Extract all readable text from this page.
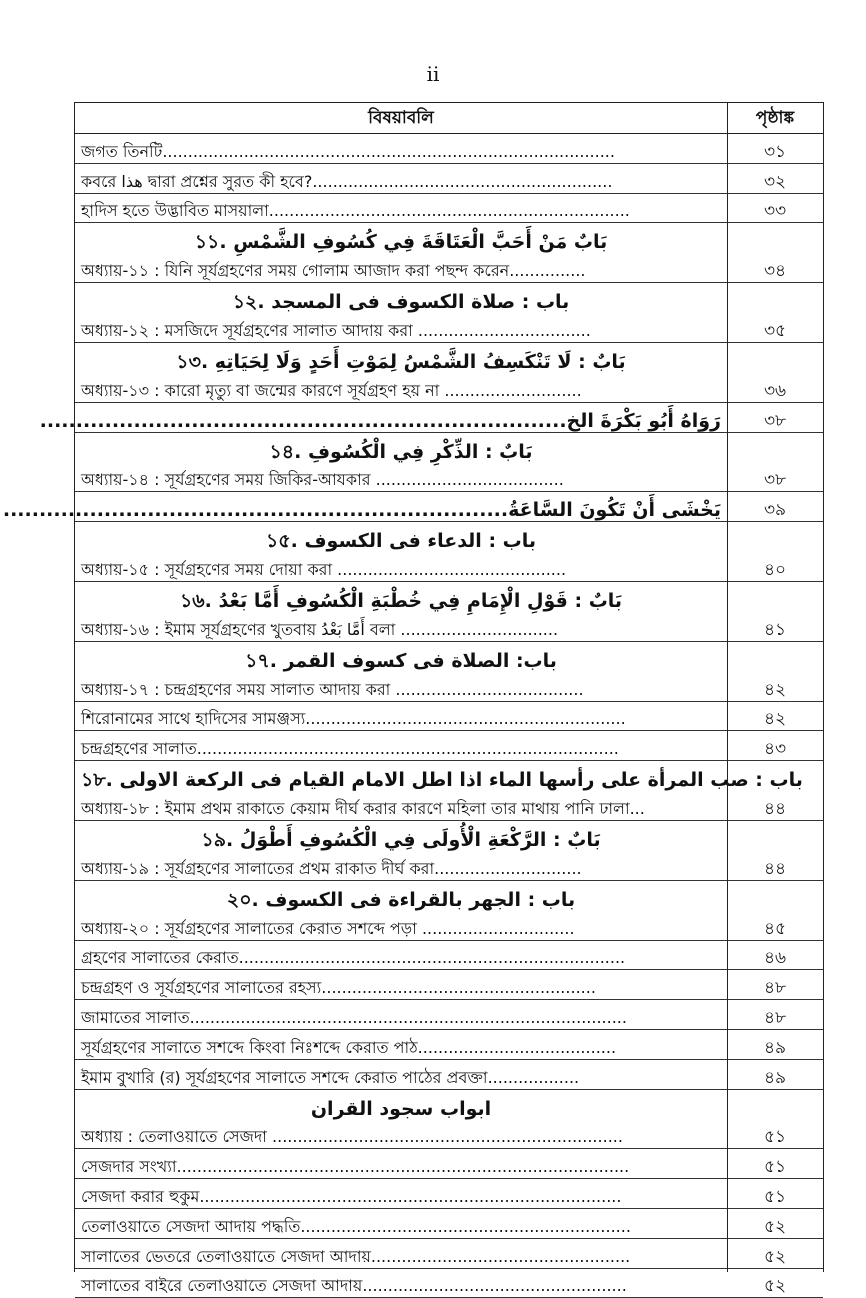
ii
বিষয়াবলি	পৃষ্ঠাঙ্ক
জগত তিনটি.........................................................................................	৩১
কবরে هذا দ্বারা প্রশ্নের সুরত কী হবে?...........................................................	৩২
হাদিস হতে উদ্ভাবিত মাসয়ালা.......................................................................	৩৩
১১. بَابٌ مَنْ أَحَبَّ الْعَتَاقَةَ فِي كُسُوفِ الشَّمْسِ
অধ্যায়-১১ : যিনি সূর্যগ্রহণের সময় গোলাম আজাদ করা পছন্দ করেন...............	৩৪
১২. باب : صلاة الكسوف فى المسجد
অধ্যায়-১২ : মসজিদে সূর্যগ্রহণের সালাত আদায় করা ..................................	৩৫
১৩. بَابٌ : لَا تَنْكَسِفُ الشَّمْسُ لِمَوْتِ أَحَدٍ وَلَا لِحَيَاتِهِ
অধ্যায়-১৩ : কারো মৃত্যু বা জন্মের কারণে সূর্যগ্রহণ হয় না ...........................	৩৬
رَوَاهُ أَبُو بَكْرَةَ الخ.........................................................................	৩৮
১৪. بَابٌ : الذِّكْرِ فِي الْكُسُوفِ
অধ্যায়-১৪ : সূর্যগ্রহণের সময় জিকির-আযকার .....................................	৩৮
يَخْشَى أَنْ تَكُونَ السَّاعَةُ......................................................................	৩৯
১৫. باب : الدعاء فى الكسوف
অধ্যায়-১৫ : সূর্যগ্রহণের সময় দোয়া করা .............................................	৪০
১৬. بَابٌ : قَوْلِ الْإِمَامِ فِي خُطْبَةِ الْكُسُوفِ أَمَّا بَعْدُ
অধ্যায়-১৬ : ইমাম সূর্যগ্রহণের খুতবায় أَمَّا بَعْدُ বলা ...............................	৪১
১৭. باب: الصلاة فى كسوف القمر
অধ্যায়-১৭ : চন্দ্রগ্রহণের সময় সালাত আদায় করা .....................................	৪২
শিরোনামের সাথে হাদিসের সামঞ্জস্য...............................................................	৪২
চন্দ্রগ্রহণের সালাত...................................................................................	৪৩
১৮. باب : صب المرأة على رأسها الماء اذا اطل الامام القيام فى الركعة الاولى
অধ্যায়-১৮ : ইমাম প্রথম রাকাতে কেয়াম দীর্ঘ করার কারণে মহিলা তার মাথায় পানি ঢালা...	৪৪
১৯. بَابٌ : الرَّكْعَةِ الْأُولَى فِي الْكُسُوفِ أَطْوَلُ
অধ্যায়-১৯ : সূর্যগ্রহণের সালাতের প্রথম রাকাত দীর্ঘ করা.............................	৪৪
২০. باب : الجهر بالقراءة فى الكسوف
অধ্যায়-২০ : সূর্যগ্রহণের সালাতের কেরাত সশব্দে পড়া ..............................	৪৫
গ্রহণের সালাতের কেরাত............................................................................	৪৬
চন্দ্রগ্রহণ ও সূর্যগ্রহণের সালাতের রহস্য......................................................	৪৮
জামাতের সালাত......................................................................................	৪৮
সূর্যগ্রহণের সালাতে সশব্দে কিংবা নিঃশব্দে কেরাত পাঠ.......................................	৪৯
ইমাম বুখারি (র) সূর্যগ্রহণের সালাতে সশব্দে কেরাত পাঠের প্রবক্তা..................	৪৯
ابواب سجود القران
অধ্যায় : তেলাওয়াতে সেজদা .....................................................................	৫১
সেজদার সংখ্যা.........................................................................................	৫১
সেজদা করার হুকুম...................................................................................	৫১
তেলাওয়াতে সেজদা আদায় পদ্ধতি.................................................................	৫২
সালাতের ভেতরে তেলাওয়াতে সেজদা আদায়...................................................	৫২
সালাতের বাইরে তেলাওয়াতে সেজদা আদায়....................................................	৫২
